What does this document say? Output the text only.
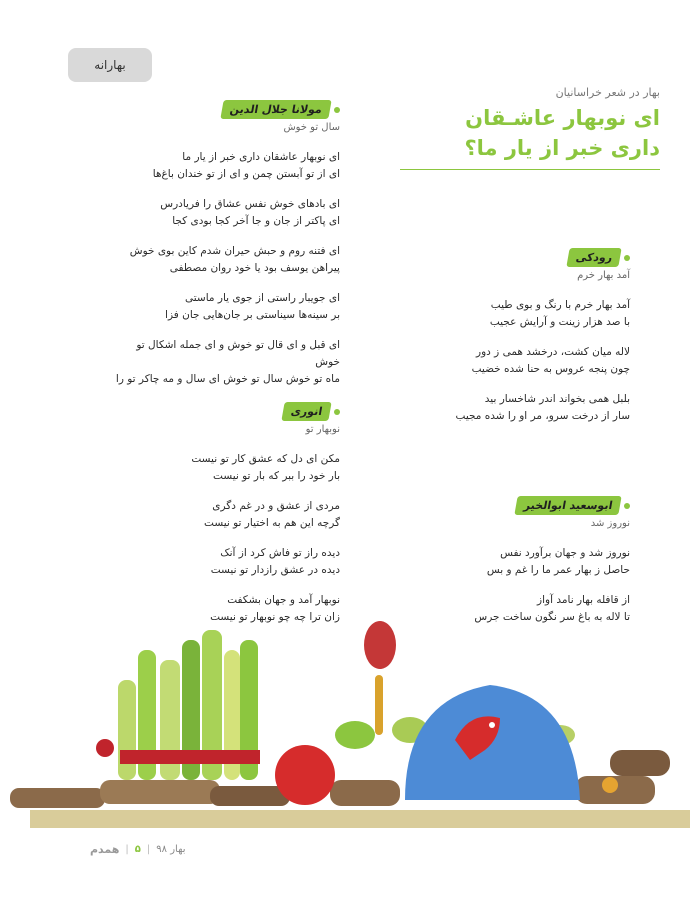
بهارانه
بهار در شعر خراسانیان
ای نوبهار عاشـقان
داری خبر از یار ما؟
مولانا جلال الدین
سال تو خوش
ای نوبهار عاشقان داری خبر از یار ما
ای از تو آبستن چمن و ای از تو خندان باغ‌ها
ای بادهای خوش نفس عشاق را فریادرس
ای پاکتر از جان و جا آخر کجا بودی کجا
ای فتنه روم و حبش حیران شدم کاین بوی خوش
پیراهن یوسف بود یا خود روان مصطفی
ای جویبار راستی از جوی یار ماستی
بر سینه‌ها سیناستی بر جان‌هایی جان فزا
ای قبل و ای قال تو خوش و ای جمله اشکال تو خوش
ماه تو خوش سال تو خوش ای سال و مه چاکر تو را
انوری
نوبهار تو
مکن ای دل که عشق کار تو نیست
بار خود را ببر که بار تو نیست
مردی از عشق و در غم دگری
گرچه این هم به اختیار تو نیست
دیده راز تو فاش کرد از آنک
دیده در عشق رازدار تو نیست
نوبهار آمد و جهان بشکفت
زان ترا چه چو نوبهار تو نیست
رودکی
آمد بهار خرم
آمد بهار خرم با رنگ و بوی طیب
با صد هزار زینت و آرایش عجیب
لاله میان کشت، درخشد همی ز دور
چون پنجه عروس به حنا شده خضیب
بلبل همی بخواند اندر شاخسار بید
سار از درخت سرو، مر او را شده مجیب
ابوسعید ابوالخیر
نوروز شد
نوروز شد و جهان برآورد نفس
حاصل ز بهار عمر ما را غم و بس
از قافله بهار نامد آواز
تا لاله به باغ سر نگون ساخت جرس
بهار ۹۸
|
۵
|
همدم
